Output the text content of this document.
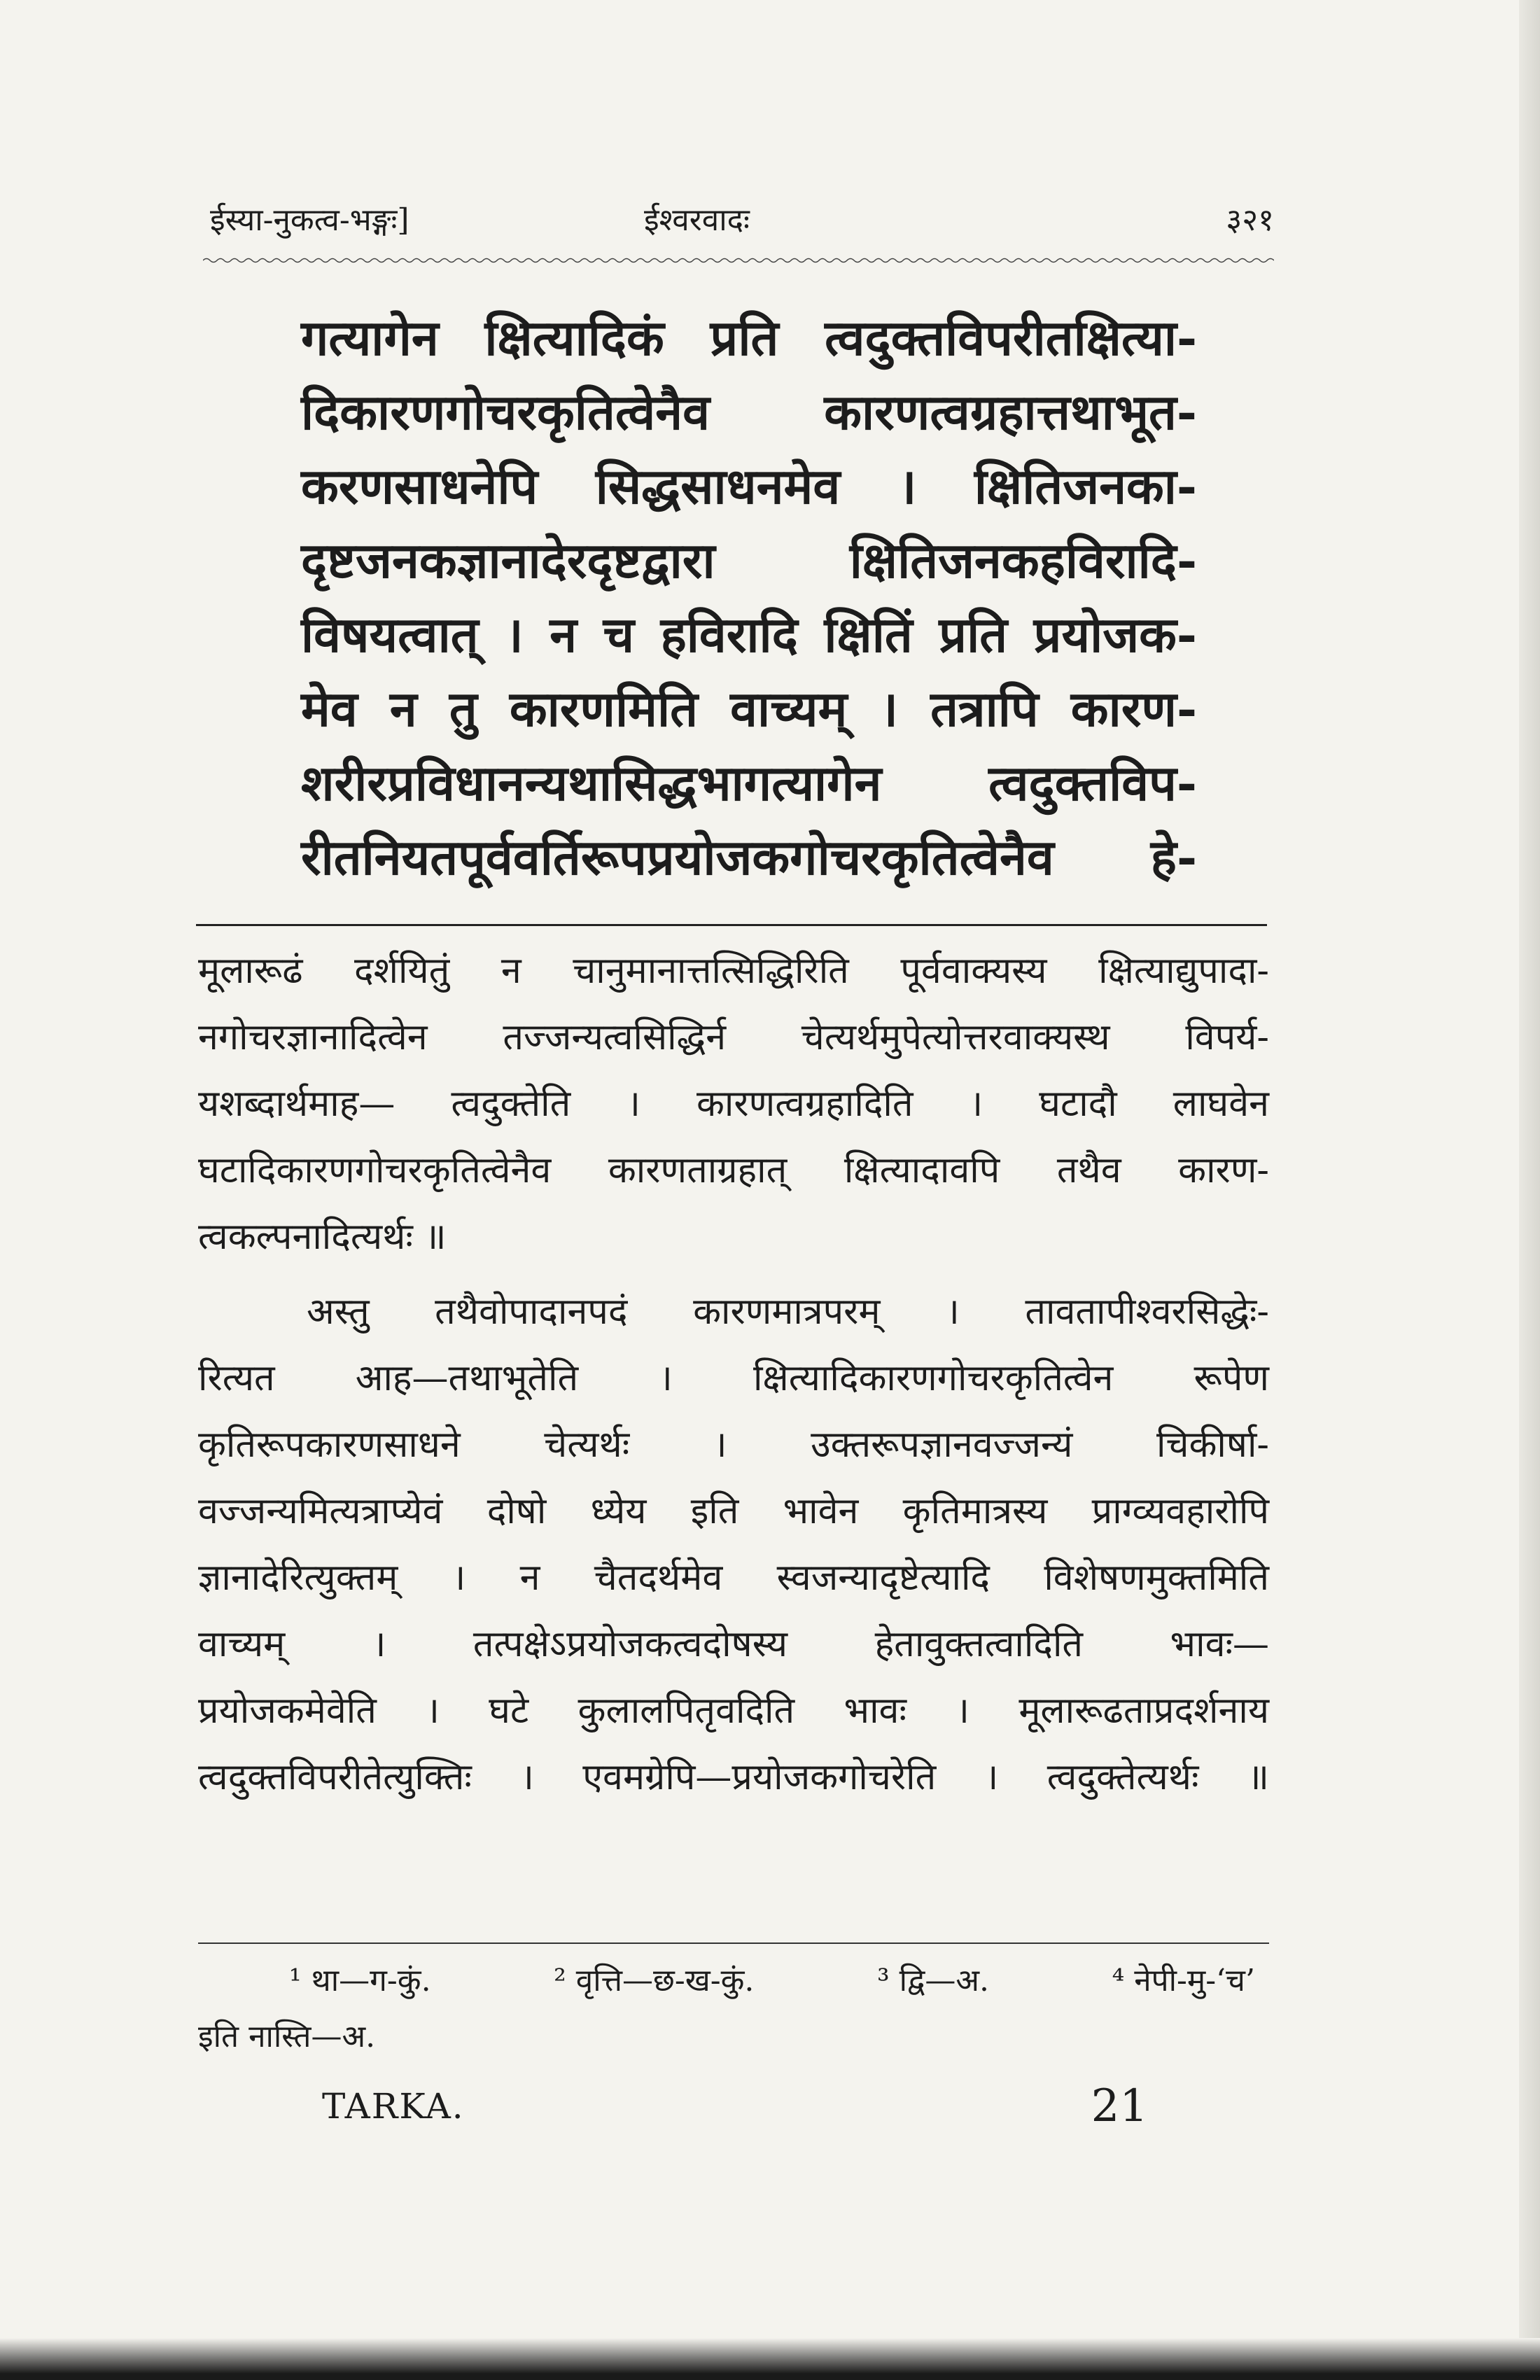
ईस्या-नुकत्व-भङ्गः]	ईश्वरवादः	३२१
गत्यागेन क्षित्यादिकं प्रति त्वदुक्तविपरीतक्षित्या-
दिकारणगोचरकृतित्वेनैव कारणत्वग्रहात्तथाभूत-
करणसाधनेपि सिद्धसाधनमेव । क्षितिजनका-
दृष्टजनकज्ञानादेरदृष्टद्वारा क्षितिजनकहविरादि-
विषयत्वात् । न च हविरादि क्षितिं प्रति प्रयोजक-
मेव न तु कारणमिति वाच्यम् । तत्रापि कारण-
शरीरप्रविधानन्यथासिद्धभागत्यागेन त्वदुक्तविप-
रीतनियतपूर्ववर्तिरूपप्रयोजकगोचरकृतित्वेनैव हे-
मूलारूढं दर्शयितुं न चानुमानात्तत्सिद्धिरिति पूर्ववाक्यस्य क्षित्याद्युपादा-
नगोचरज्ञानादित्वेन तज्जन्यत्वसिद्धिर्न चेत्यर्थमुपेत्योत्तरवाक्यस्थ विपर्य-
यशब्दार्थमाह— त्वदुक्तेति । कारणत्वग्रहादिति । घटादौ लाघवेन
घटादिकारणगोचरकृतित्वेनैव कारणताग्रहात् क्षित्यादावपि तथैव कारण-
त्वकल्पनादित्यर्थः ॥
अस्तु तथैवोपादानपदं कारणमात्रपरम् । तावतापीश्वरसिद्धेः-
रित्यत आह—तथाभूतेति । क्षित्यादिकारणगोचरकृतित्वेन रूपेण
कृतिरूपकारणसाधने चेत्यर्थः । उक्तरूपज्ञानवज्जन्यं चिकीर्षा-
वज्जन्यमित्यत्राप्येवं दोषो ध्येय इति भावेन कृतिमात्रस्य प्राग्व्यवहारोपि
ज्ञानादेरित्युक्तम् । न चैतदर्थमेव स्वजन्यादृष्टेत्यादि विशेषणमुक्तमिति
वाच्यम् । तत्पक्षेऽप्रयोजकत्वदोषस्य हेतावुक्तत्वादिति भावः—
प्रयोजकमेवेति । घटे कुलालपितृवदिति भावः । मूलारूढताप्रदर्शनाय
त्वदुक्तविपरीतेत्युक्तिः । एवमग्रेपि—प्रयोजकगोचरेति । त्वदुक्तेत्यर्थः ॥
¹ था—ग-कुं.	² वृत्ति—छ-ख-कुं.	³ द्वि—अ.	⁴ नेपी-मु-‘च’
इति नास्ति—अ.
TARKA.	21
